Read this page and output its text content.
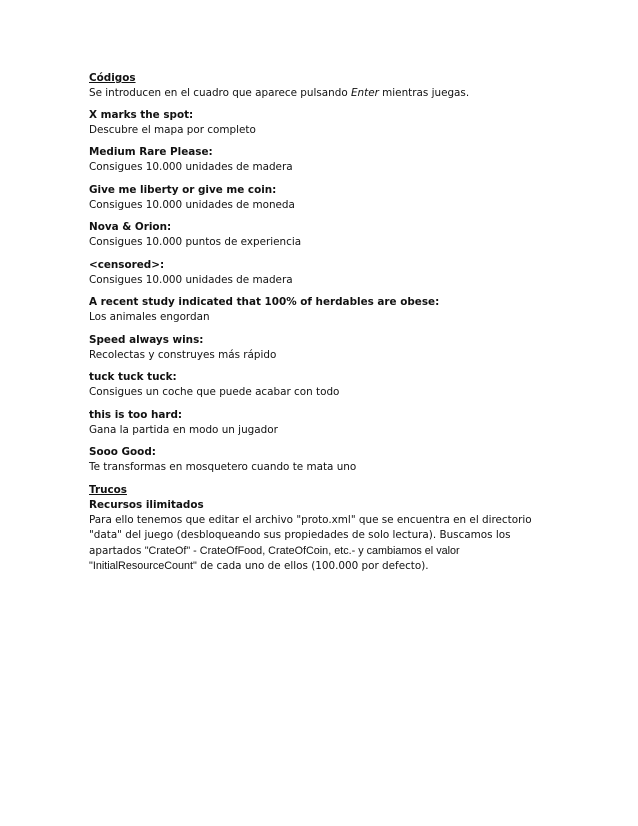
Códigos

Se introducen en el cuadro que aparece pulsando Enter mientras juegas.

X marks the spot:

Descubre el mapa por completo

Medium Rare Please:

Consigues 10.000 unidades de madera

Give me liberty or give me coin:

Consigues 10.000 unidades de moneda

Nova & Orion:

Consigues 10.000 puntos de experiencia

<censored>:

Consigues 10.000 unidades de madera

A recent study indicated that 100% of herdables are obese:

Los animales engordan

Speed always wins:

Recolectas y construyes más rápido

tuck tuck tuck:

Consigues un coche que puede acabar con todo

this is too hard:

Gana la partida en modo un jugador

Sooo Good:

Te transformas en mosquetero cuando te mata uno

Trucos

Recursos ilimitados

Para ello tenemos que editar el archivo "proto.xml" que se encuentra en el directorio "data" del juego (desbloqueando sus propiedades de solo lectura). Buscamos los apartados "CrateOf" - CrateOfFood, CrateOfCoin, etc.- y cambiamos el valor "InitialResourceCount" de cada uno de ellos (100.000 por defecto).
